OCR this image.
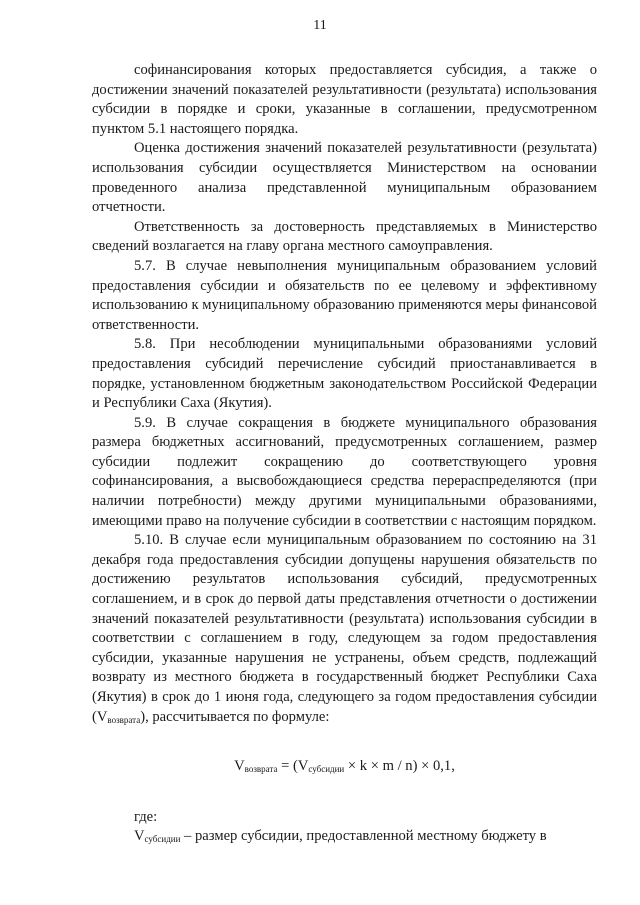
11

софинансирования которых предоставляется субсидия, а также о достижении значений показателей результативности (результата) использования субсидии в порядке и сроки, указанные в соглашении, предусмотренном пунктом 5.1 настоящего порядка.

Оценка достижения значений показателей результативности (результата) использования субсидии осуществляется Министерством на основании проведенного анализа представленной муниципальным образованием отчетности.

Ответственность за достоверность представляемых в Министерство сведений возлагается на главу органа местного самоуправления.

5.7. В случае невыполнения муниципальным образованием условий предоставления субсидии и обязательств по ее целевому и эффективному использованию к муниципальному образованию применяются меры финансовой ответственности.

5.8. При несоблюдении муниципальными образованиями условий предоставления субсидий перечисление субсидий приостанавливается в порядке, установленном бюджетным законодательством Российской Федерации и Республики Саха (Якутия).

5.9. В случае сокращения в бюджете муниципального образования размера бюджетных ассигнований, предусмотренных соглашением, размер субсидии подлежит сокращению до соответствующего уровня софинансирования, а высвобождающиеся средства перераспределяются (при наличии потребности) между другими муниципальными образованиями, имеющими право на получение субсидии в соответствии с настоящим порядком.

5.10. В случае если муниципальным образованием по состоянию на 31 декабря года предоставления субсидии допущены нарушения обязательств по достижению результатов использования субсидий, предусмотренных соглашением, и в срок до первой даты представления отчетности о достижении значений показателей результативности (результата) использования субсидии в соответствии с соглашением в году, следующем за годом предоставления субсидии, указанные нарушения не устранены, объем средств, подлежащий возврату из местного бюджета в государственный бюджет Республики Саха (Якутия) в срок до 1 июня года, следующего за годом предоставления субсидии $(V_{возврата})$, рассчитывается по формуле:

$V_{возврата} = (V_{субсидии} \times k \times m / n) \times 0,1$,

где:

$V_{субсидии}$ – размер субсидии, предоставленной местному бюджету в
